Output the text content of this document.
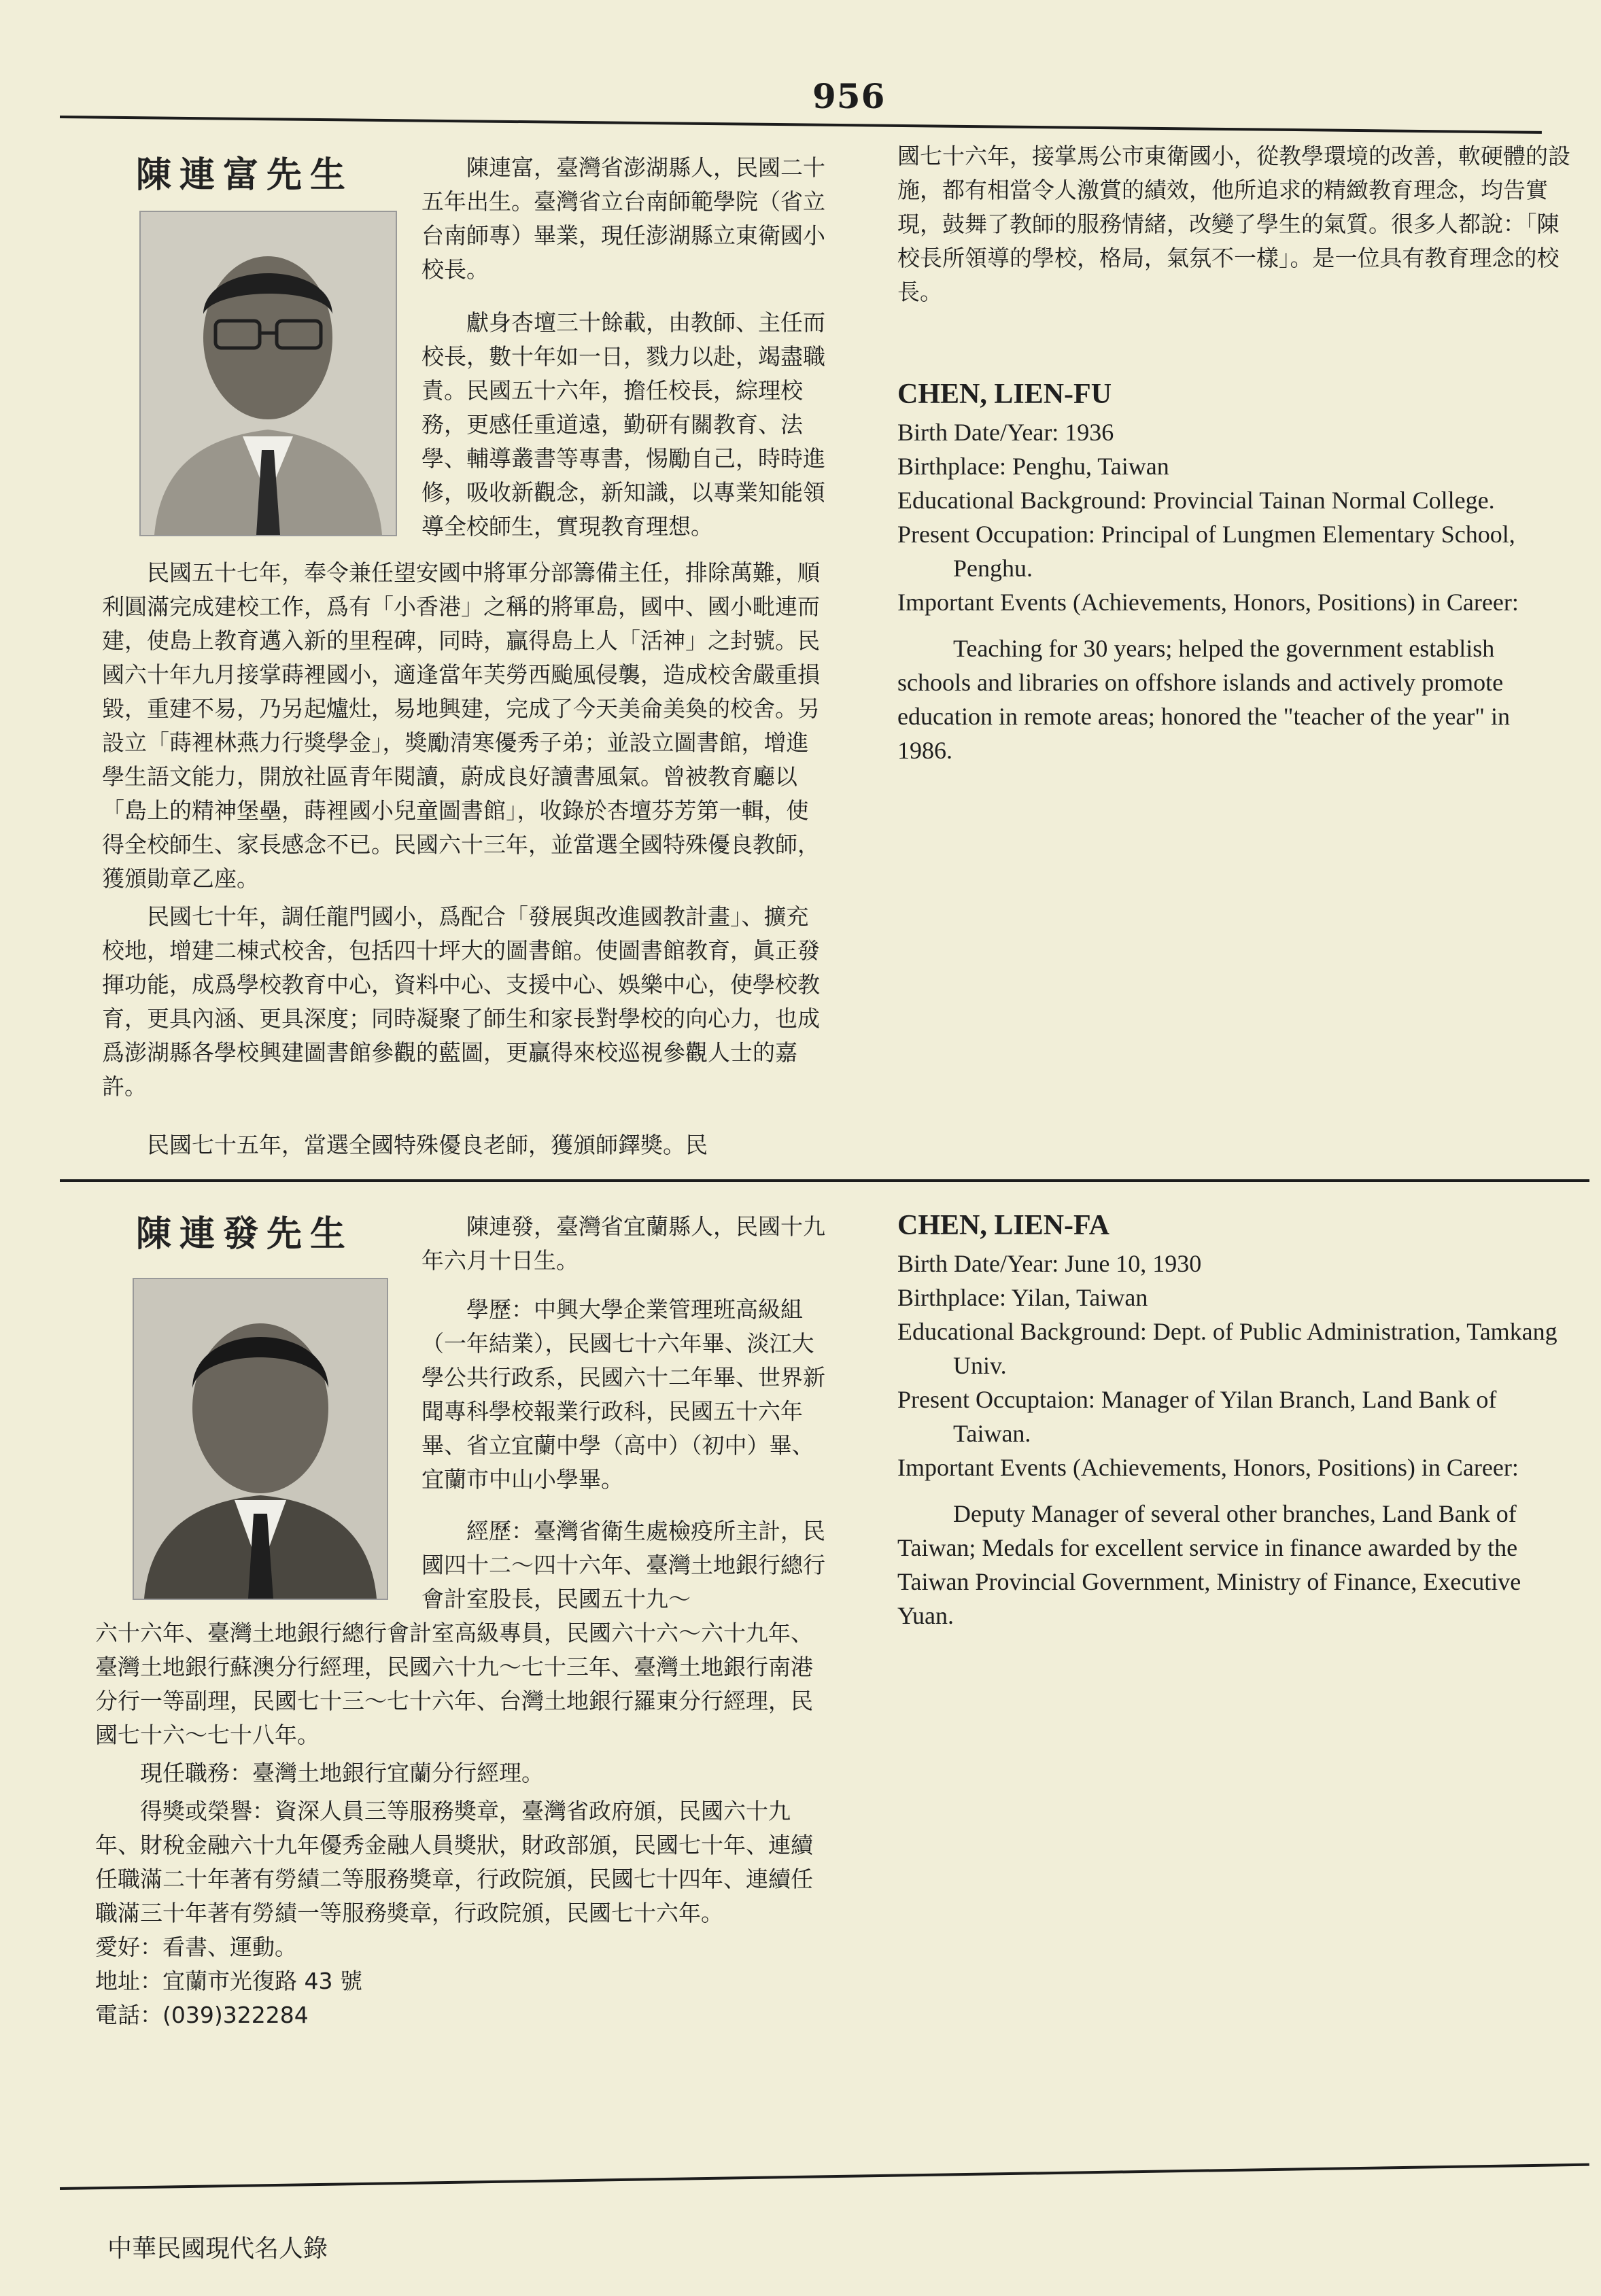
956
陳連富先生	陳連富，臺灣省澎湖縣人，民國二十五年出生。臺灣省立台南師範學院（省立台南師專）畢業，現任澎湖縣立東衛國小校長。

獻身杏壇三十餘載，由教師、主任而校長，數十年如一日，戮力以赴，竭盡職責。民國五十六年，擔任校長，綜理校務，更感任重道遠，勤研有關教育、法學、輔導叢書等專書，惕勵自己，時時進修，吸收新觀念，新知識，以專業知能領導全校師生，實現教育理想。

民國五十七年，奉令兼任望安國中將軍分部籌備主任，排除萬難，順利圓滿完成建校工作，爲有「小香港」之稱的將軍島，國中、國小毗連而建，使島上教育邁入新的里程碑，同時，贏得島上人「活神」之封號。民國六十年九月接掌蒔裡國小，適逢當年芙勞西颱風侵襲，造成校舍嚴重損毀，重建不易，乃另起爐灶，易地興建，完成了今天美侖美奐的校舍。另設立「蒔裡林燕力行獎學金」，獎勵清寒優秀子弟；並設立圖書館，增進學生語文能力，開放社區青年閱讀，蔚成良好讀書風氣。曾被教育廳以「島上的精神堡壘，蒔裡國小兒童圖書館」，收錄於杏壇芬芳第一輯，使得全校師生、家長感念不已。民國六十三年，並當選全國特殊優良教師，獲頒勛章乙座。

民國七十年，調任龍門國小，爲配合「發展與改進國教計畫」、擴充校地，增建二棟式校舍，包括四十坪大的圖書館。使圖書館教育，眞正發揮功能，成爲學校教育中心，資料中心、支援中心、娛樂中心，使學校教育，更具內涵、更具深度；同時凝聚了師生和家長對學校的向心力，也成爲澎湖縣各學校興建圖書館參觀的藍圖，更贏得來校巡視參觀人士的嘉許。

民國七十五年，當選全國特殊優良老師，獲頒師鐸獎。民

國七十六年，接掌馬公市東衛國小，從教學環境的改善，軟硬體的設施，都有相當令人激賞的績效，他所追求的精緻教育理念，均告實現，鼓舞了教師的服務情緒，改變了學生的氣質。很多人都說：「陳校長所領導的學校，格局，氣氛不一樣」。是一位具有教育理念的校長。

CHEN, LIEN-FU

Birth Date/Year: 1936

Birthplace: Penghu, Taiwan

Educational Background: Provincial Tainan Normal College.

Present Occupation: Principal of Lungmen Elementary School, Penghu.

Important Events (Achievements, Honors, Positions) in Career:

Teaching for 30 years; helped the government establish schools and libraries on offshore islands and actively promote education in remote areas; honored the "teacher of the year" in 1986.

陳連發先生	陳連發，臺灣省宜蘭縣人，民國十九年六月十日生。

學歷：中興大學企業管理班高級組（一年結業），民國七十六年畢、淡江大學公共行政系，民國六十二年畢、世界新聞專科學校報業行政科，民國五十六年畢、省立宜蘭中學（高中）（初中）畢、宜蘭市中山小學畢。

經歷：臺灣省衛生處檢疫所主計，民國四十二～四十六年、臺灣土地銀行總行會計室股長，民國五十九～

六十六年、臺灣土地銀行總行會計室高級專員，民國六十六～六十九年、臺灣土地銀行蘇澳分行經理，民國六十九～七十三年、臺灣土地銀行南港分行一等副理，民國七十三～七十六年、台灣土地銀行羅東分行經理，民國七十六～七十八年。

現任職務：臺灣土地銀行宜蘭分行經理。

得獎或榮譽：資深人員三等服務獎章，臺灣省政府頒，民國六十九年、財稅金融六十九年優秀金融人員獎狀，財政部頒，民國七十年、連續任職滿二十年著有勞績二等服務獎章，行政院頒，民國七十四年、連續任職滿三十年著有勞績一等服務獎章，行政院頒，民國七十六年。

愛好：看書、運動。

地址：宜蘭市光復路 43 號

電話：(039)322284

CHEN, LIEN-FA

Birth Date/Year: June 10, 1930

Birthplace: Yilan, Taiwan

Educational Background: Dept. of Public Administration, Tamkang Univ.

Present Occuptaion: Manager of Yilan Branch, Land Bank of Taiwan.

Important Events (Achievements, Honors, Positions) in Career:

Deputy Manager of several other branches, Land Bank of Taiwan; Medals for excellent service in finance awarded by the Taiwan Provincial Government, Ministry of Finance, Executive Yuan.

中華民國現代名人錄
